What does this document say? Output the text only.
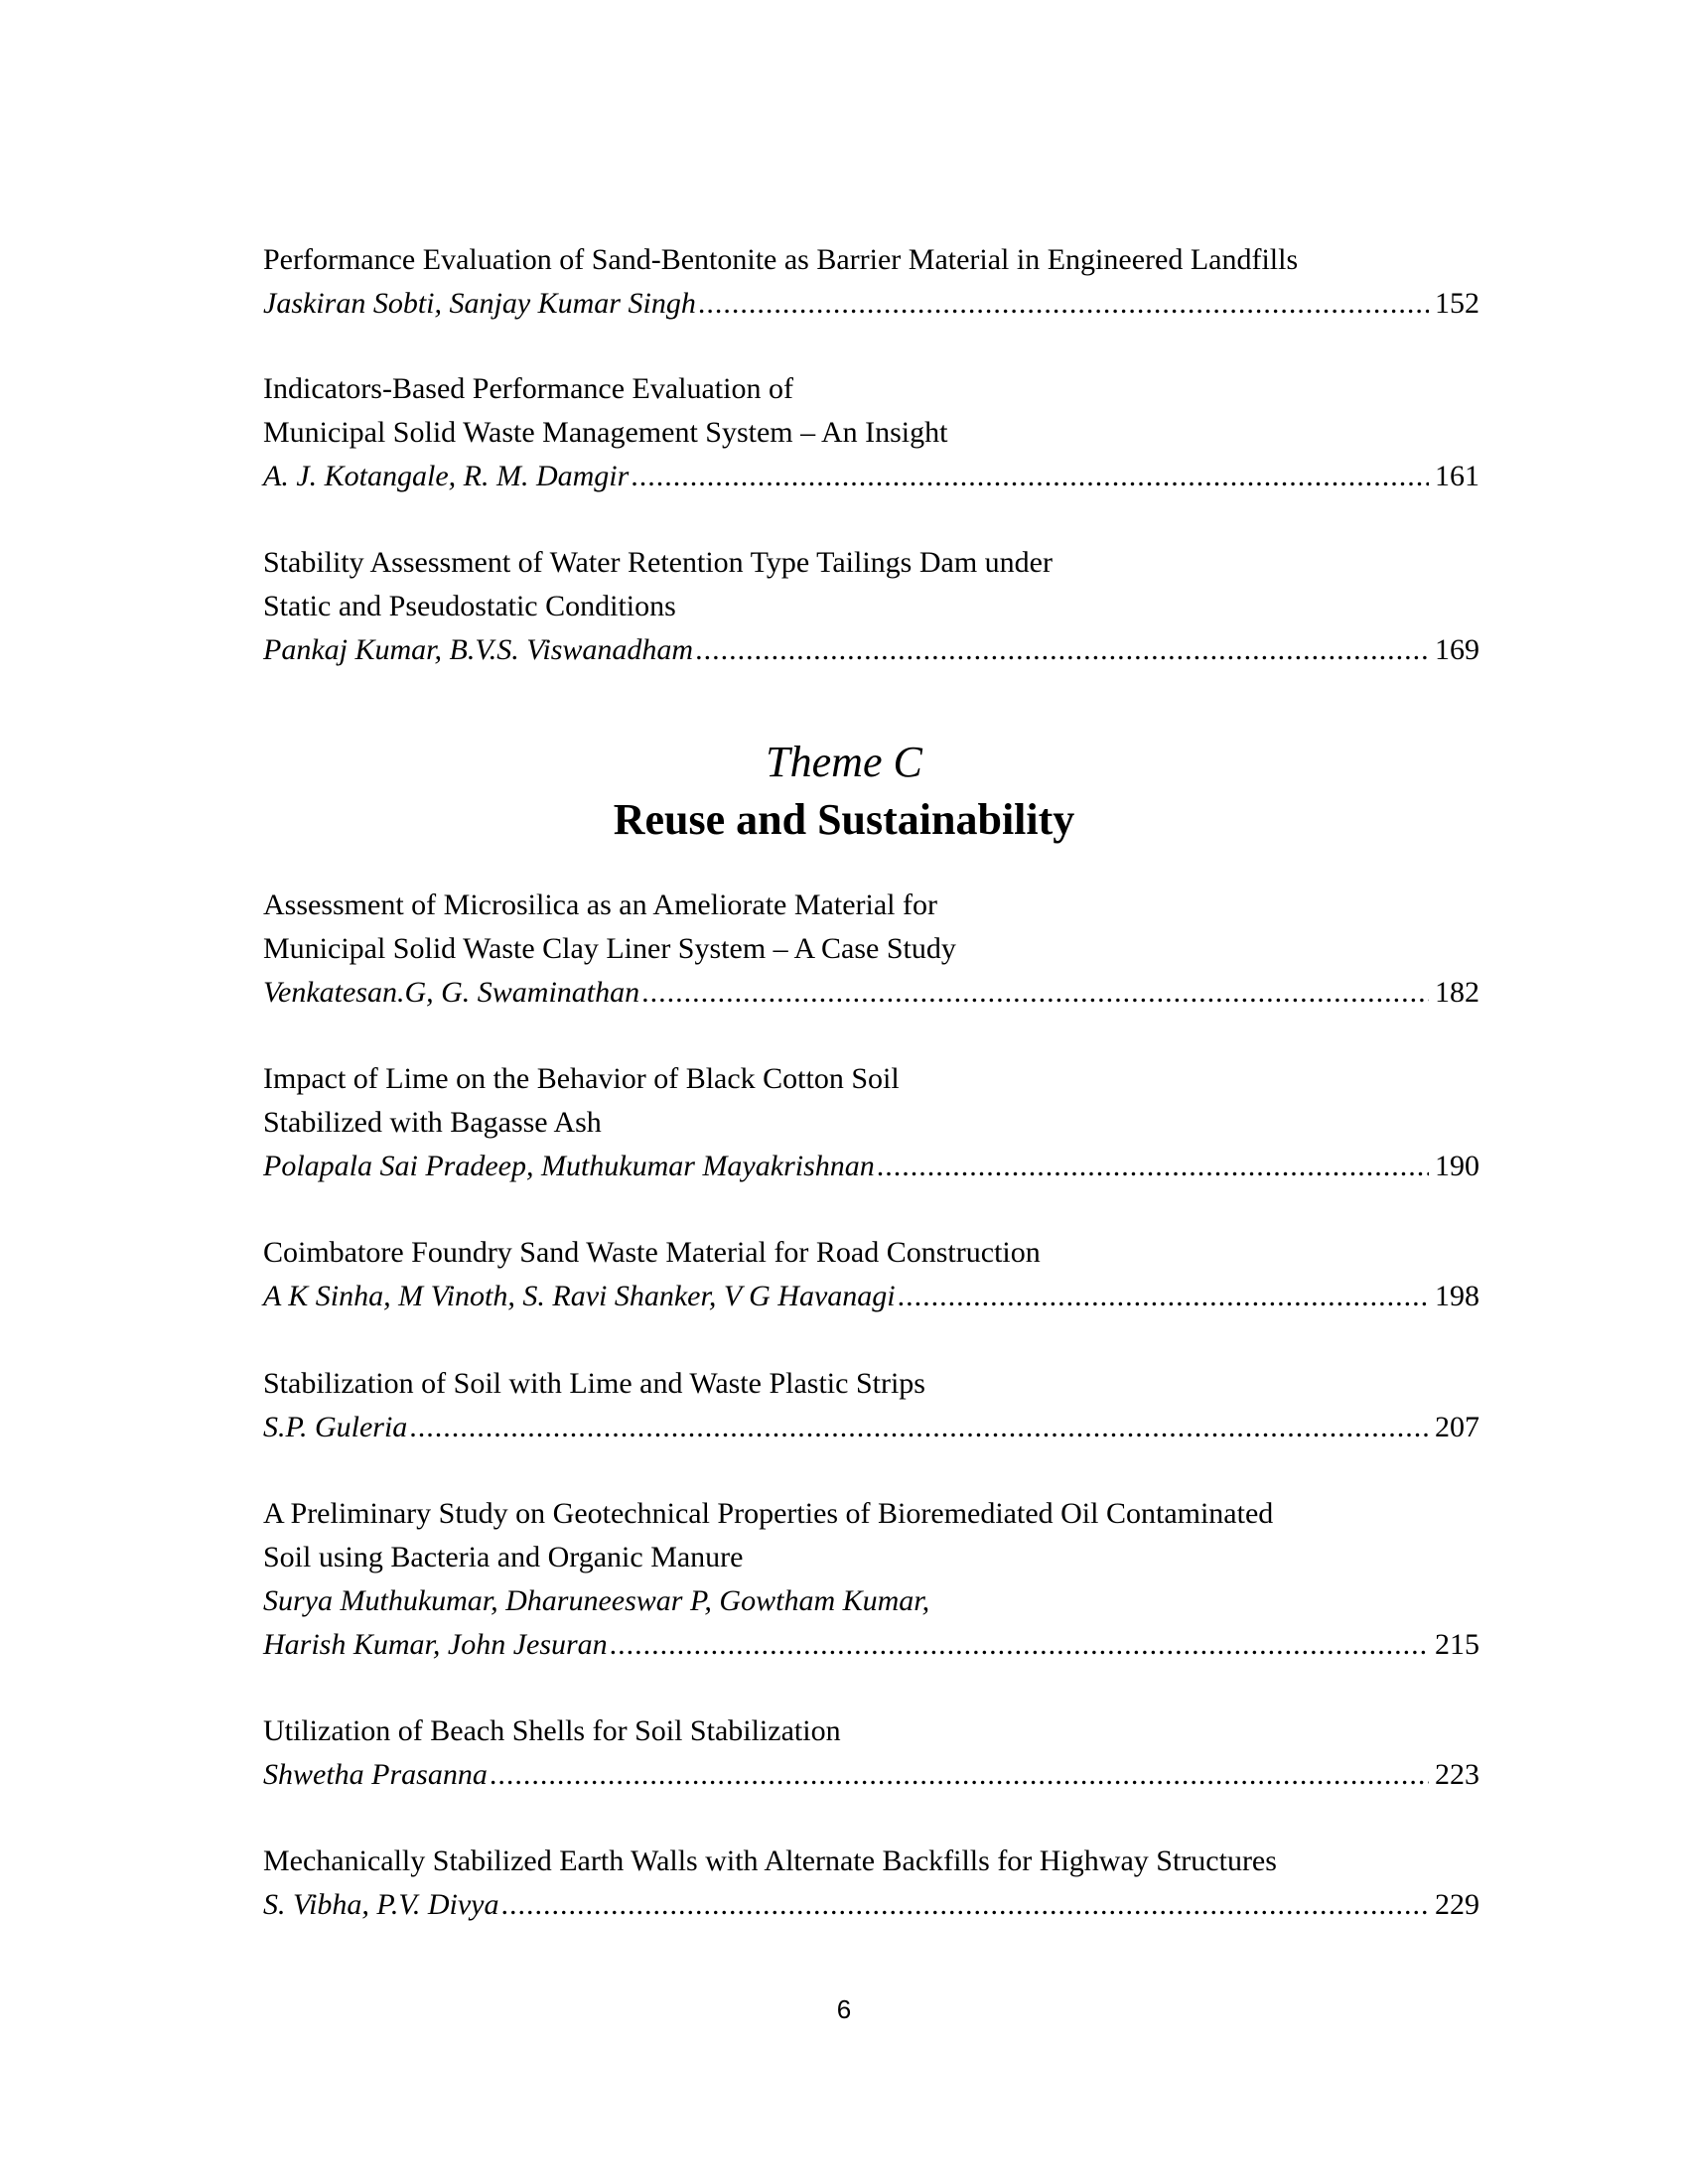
Performance Evaluation of Sand-Bentonite as Barrier Material in Engineered Landfills
Jaskiran Sobti, Sanjay Kumar Singh .....	152
Indicators-Based Performance Evaluation of
Municipal Solid Waste Management System – An Insight
A. J. Kotangale, R. M. Damgir .....	161
Stability Assessment of Water Retention Type Tailings Dam under
Static and Pseudostatic Conditions
Pankaj Kumar, B.V.S. Viswanadham .....	169
Theme C
Reuse and Sustainability
Assessment of Microsilica as an Ameliorate Material for
Municipal Solid Waste Clay Liner System – A Case Study
Venkatesan.G, G. Swaminathan .....	182
Impact of Lime on the Behavior of Black Cotton Soil
Stabilized with Bagasse Ash
Polapala Sai Pradeep, Muthukumar Mayakrishnan .....	190
Coimbatore Foundry Sand Waste Material for Road Construction
A K Sinha, M Vinoth, S. Ravi Shanker, V G Havanagi .....	198
Stabilization of Soil with Lime and Waste Plastic Strips
S.P. Guleria .....	207
A Preliminary Study on Geotechnical Properties of Bioremediated Oil Contaminated
Soil using Bacteria and Organic Manure
Surya Muthukumar, Dharuneeswar P, Gowtham Kumar,
Harish Kumar, John Jesuran .....	215
Utilization of Beach Shells for Soil Stabilization
Shwetha Prasanna .....	223
Mechanically Stabilized Earth Walls with Alternate Backfills for Highway Structures
S. Vibha, P.V. Divya .....	229
6
